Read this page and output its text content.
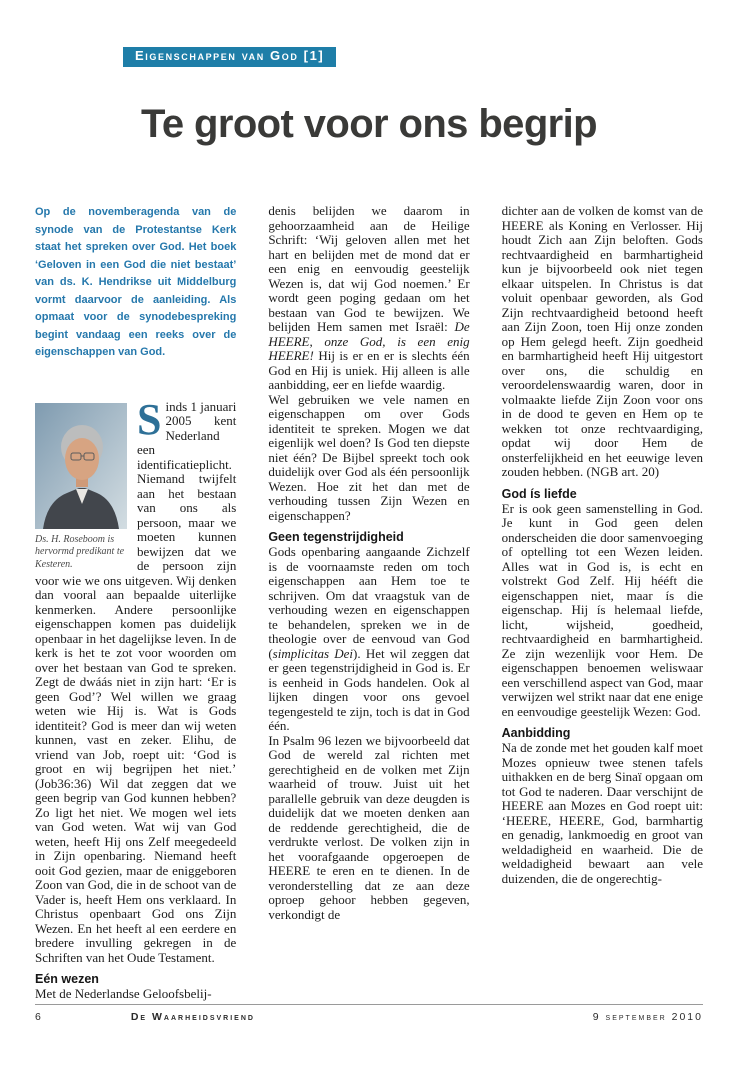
Eigenschappen van God [1]
Te groot voor ons begrip

Op de novemberagenda van de synode van de Protestantse Kerk staat het spreken over God. Het boek ‘Geloven in een God die niet bestaat’ van ds. K. Hendrikse uit Middelburg vormt daarvoor de aanleiding. Als opmaat voor de synodebespreking begint vandaag een reeks over de eigenschappen van God.

Ds. H. Roseboom is hervormd predikant te Kesteren.

Sinds 1 januari 2005 kent Nederland een identificatieplicht. Niemand twijfelt aan het bestaan van ons als persoon, maar we moeten kunnen bewijzen dat we de persoon zijn voor wie we ons uitgeven. Wij denken dan vooral aan bepaalde uiterlijke kenmerken. Andere persoonlijke eigenschappen komen pas duidelijk openbaar in het dagelijkse leven. In de kerk is het te zot voor woorden om over het bestaan van God te spreken. Zegt de dwáás niet in zijn hart: ‘Er is geen God’? Wel willen we graag weten wie Hij is. Wat is Gods identiteit? God is meer dan wij weten kunnen, vast en zeker. Elihu, de vriend van Job, roept uit: ‘God is groot en wij begrijpen het niet.’ (Job36:36) Wil dat zeggen dat we geen begrip van God kunnen hebben? Zo ligt het niet. We mogen wel iets van God weten. Wat wij van God weten, heeft Hij ons Zelf meegedeeld in Zijn openbaring. Niemand heeft ooit God gezien, maar de eniggeboren Zoon van God, die in de schoot van de Vader is, heeft Hem ons verklaard. In Christus openbaart God ons Zijn Wezen. En het heeft al een eerdere en bredere invulling gekregen in de Schriften van het Oude Testament.

Eén wezen

Met de Nederlandse Geloofsbelij-

denis belijden we daarom in gehoorzaamheid aan de Heilige Schrift: ‘Wij geloven allen met het hart en belijden met de mond dat er een enig en eenvoudig geestelijk Wezen is, dat wij God noemen.’ Er wordt geen poging gedaan om het bestaan van God te bewijzen. We belijden Hem samen met Israël: De HEERE, onze God, is een enig HEERE! Hij is er en er is slechts één God en Hij is uniek. Hij alleen is alle aanbidding, eer en liefde waardig.

Wel gebruiken we vele namen en eigenschappen om over Gods identiteit te spreken. Mogen we dat eigenlijk wel doen? Is God ten diepste niet één? De Bijbel spreekt toch ook duidelijk over God als één persoonlijk Wezen. Hoe zit het dan met de verhouding tussen Zijn Wezen en eigenschappen?

Geen tegenstrijdigheid

Gods openbaring aangaande Zichzelf is de voornaamste reden om toch eigenschappen aan Hem toe te schrijven. Om dat vraagstuk van de verhouding wezen en eigenschappen te behandelen, spreken we in de theologie over de eenvoud van God (simplicitas Dei). Het wil zeggen dat er geen tegenstrijdigheid in God is. Er is eenheid in Gods handelen. Ook al lijken dingen voor ons gevoel tegengesteld te zijn, toch is dat in God één.

In Psalm 96 lezen we bijvoorbeeld dat God de wereld zal richten met gerechtigheid en de volken met Zijn waarheid of trouw. Juist uit het parallelle gebruik van deze deugden is duidelijk dat we moeten denken aan de reddende gerechtigheid, die de verdrukte verlost. De volken zijn in het voorafgaande opgeroepen de HEERE te eren en te dienen. In de veronderstelling dat ze aan deze oproep gehoor hebben gegeven, verkondigt de

dichter aan de volken de komst van de HEERE als Koning en Verlosser. Hij houdt Zich aan Zijn beloften. Gods rechtvaardigheid en barmhartigheid kun je bijvoorbeeld ook niet tegen elkaar uitspelen. In Christus is dat voluit openbaar geworden, als God Zijn rechtvaardigheid betoond heeft aan Zijn Zoon, toen Hij onze zonden op Hem gelegd heeft. Zijn goedheid en barmhartigheid heeft Hij uitgestort over ons, die schuldig en veroordelenswaardig waren, door in volmaakte liefde Zijn Zoon voor ons in de dood te geven en Hem op te wekken tot onze rechtvaardiging, opdat wij door Hem de onsterfelijkheid en het eeuwige leven zouden hebben. (NGB art. 20)

God ís liefde

Er is ook geen samenstelling in God. Je kunt in God geen delen onderscheiden die door samenvoeging of optelling tot een Wezen leiden. Alles wat in God is, is echt en volstrekt God Zelf. Hij hééft die eigenschappen niet, maar ís die eigenschap. Hij ís helemaal liefde, licht, wijsheid, goedheid, rechtvaardigheid en barmhartigheid. Ze zijn wezenlijk voor Hem. De eigenschappen benoemen weliswaar een verschillend aspect van God, maar verwijzen wel strikt naar dat ene enige en eenvoudige geestelijk Wezen: God.

Aanbidding

Na de zonde met het gouden kalf moet Mozes opnieuw twee stenen tafels uithakken en de berg Sinaï opgaan om tot God te naderen. Daar verschijnt de HEERE aan Mozes en God roept uit: ‘HEERE, HEERE, God, barmhartig en genadig, lankmoedig en groot van weldadigheid en waarheid. Die de weldadigheid bewaart aan vele duizenden, die de ongerechtig-

6	De Waarheidsvriend	9 september 2010
